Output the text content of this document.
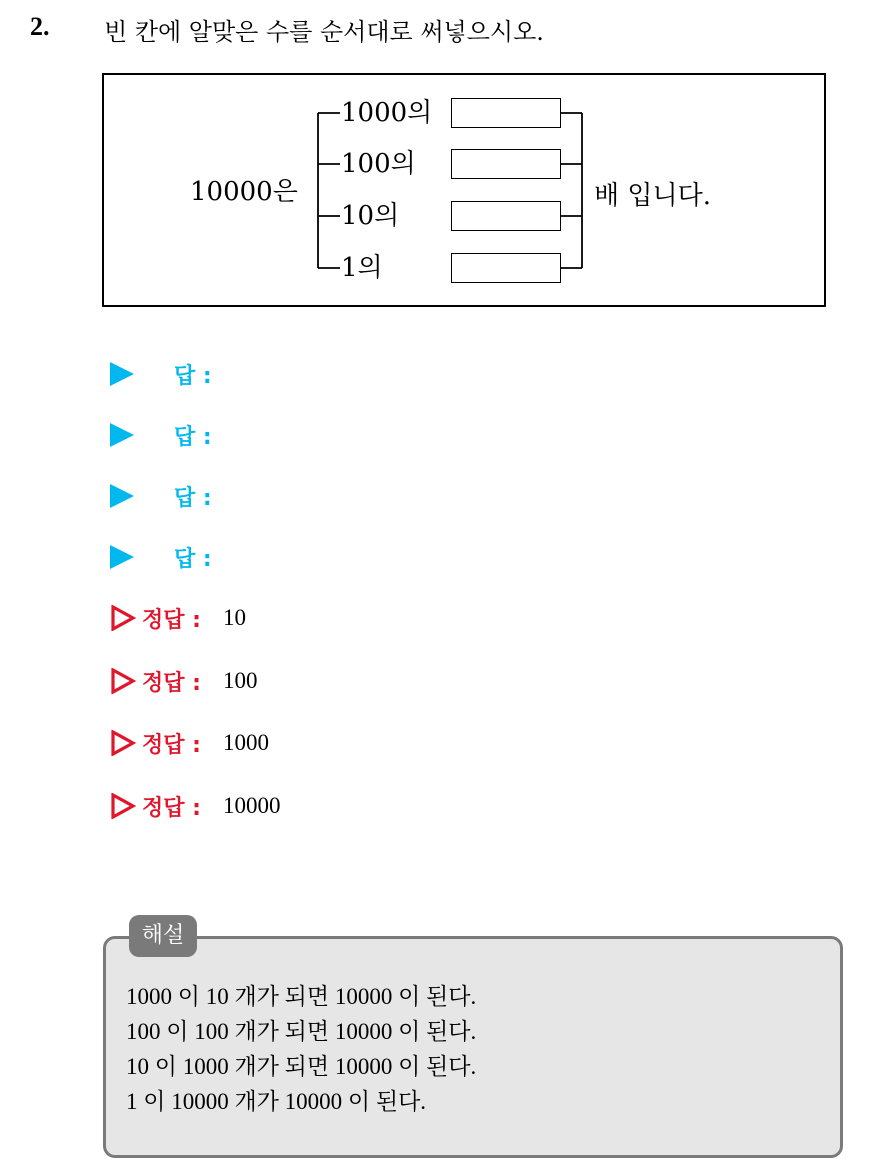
2. 빈 칸에 알맞은 수를 순서대로 써넣으시오.
10000은
1000의
100의
10의
1의
배 입니다.
답 :
답 :
답 :
답 :
정답 : 10
정답 : 100
정답 : 1000
정답 : 10000
해설
1000 이 10 개가 되면 10000 이 된다.
100 이 100 개가 되면 10000 이 된다.
10 이 1000 개가 되면 10000 이 된다.
1 이 10000 개가 10000 이 된다.
